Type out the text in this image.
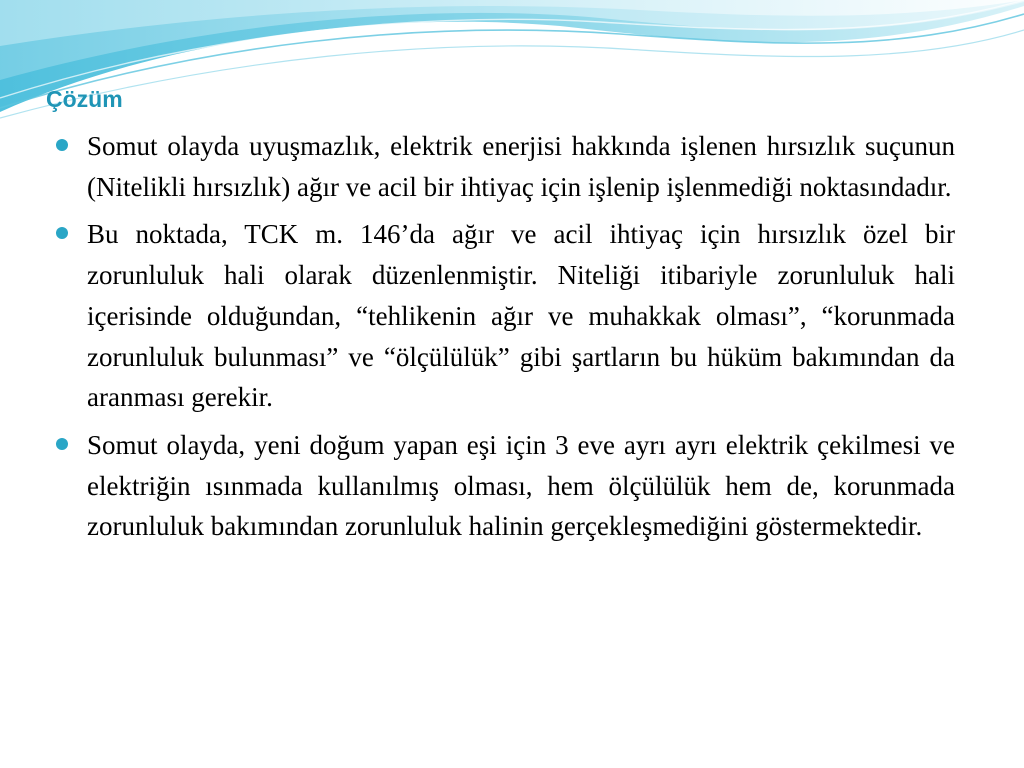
Çözüm
Somut olayda uyuşmazlık, elektrik enerjisi hakkında işlenen hırsızlık suçunun (Nitelikli hırsızlık) ağır ve acil bir ihtiyaç için işlenip işlenmediği noktasındadır.
Bu noktada, TCK m. 146’da ağır ve acil ihtiyaç için hırsızlık özel bir zorunluluk hali olarak düzenlenmiştir. Niteliği itibariyle zorunluluk hali içerisinde olduğundan, “tehlikenin ağır ve muhakkak olması”, “korunmada zorunluluk bulunması” ve “ölçülülük” gibi şartların bu hüküm bakımından da aranması gerekir.
Somut olayda, yeni doğum yapan eşi için 3 eve ayrı ayrı elektrik çekilmesi ve elektriğin ısınmada kullanılmış olması, hem ölçülülük hem de, korunmada zorunluluk bakımından zorunluluk halinin gerçekleşmediğini göstermektedir.
